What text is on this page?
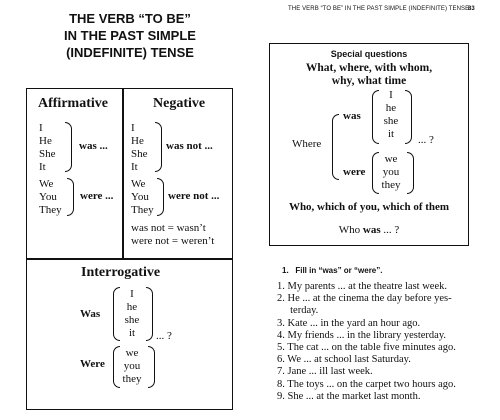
THE VERB “TO BE”
IN THE PAST SIMPLE
(INDEFINITE) TENSE
THE VERB “TO BE” IN THE PAST SIMPLE (INDEFINITE) TENSE
83
Affirmative
I
He
She
It
was ...
We
You
They
were ...
Negative
I
He
She
It
was not ...
We
You
They
were not ...
was not = wasn’t
were not = weren’t
Interrogative
Was
I
he
she
it
Were
we
you
they
... ?
Special questions
What, where, with whom,
why, what time
Where
was
I
he
she
it
were
we
you
they
... ?
Who, which of you, which of them
Who was ... ?
1.   Fill in “was” or “were”.
1. My parents ... at the theatre last week.
2. He ... at the cinema the day before yes-
terday.
3. Kate ... in the yard an hour ago.
4. My friends ... in the library yesterday.
5. The cat ... on the table five minutes ago.
6. We ... at school last Saturday.
7. Jane ... ill last week.
8. The toys ... on the carpet two hours ago.
9. She ... at the market last month.
